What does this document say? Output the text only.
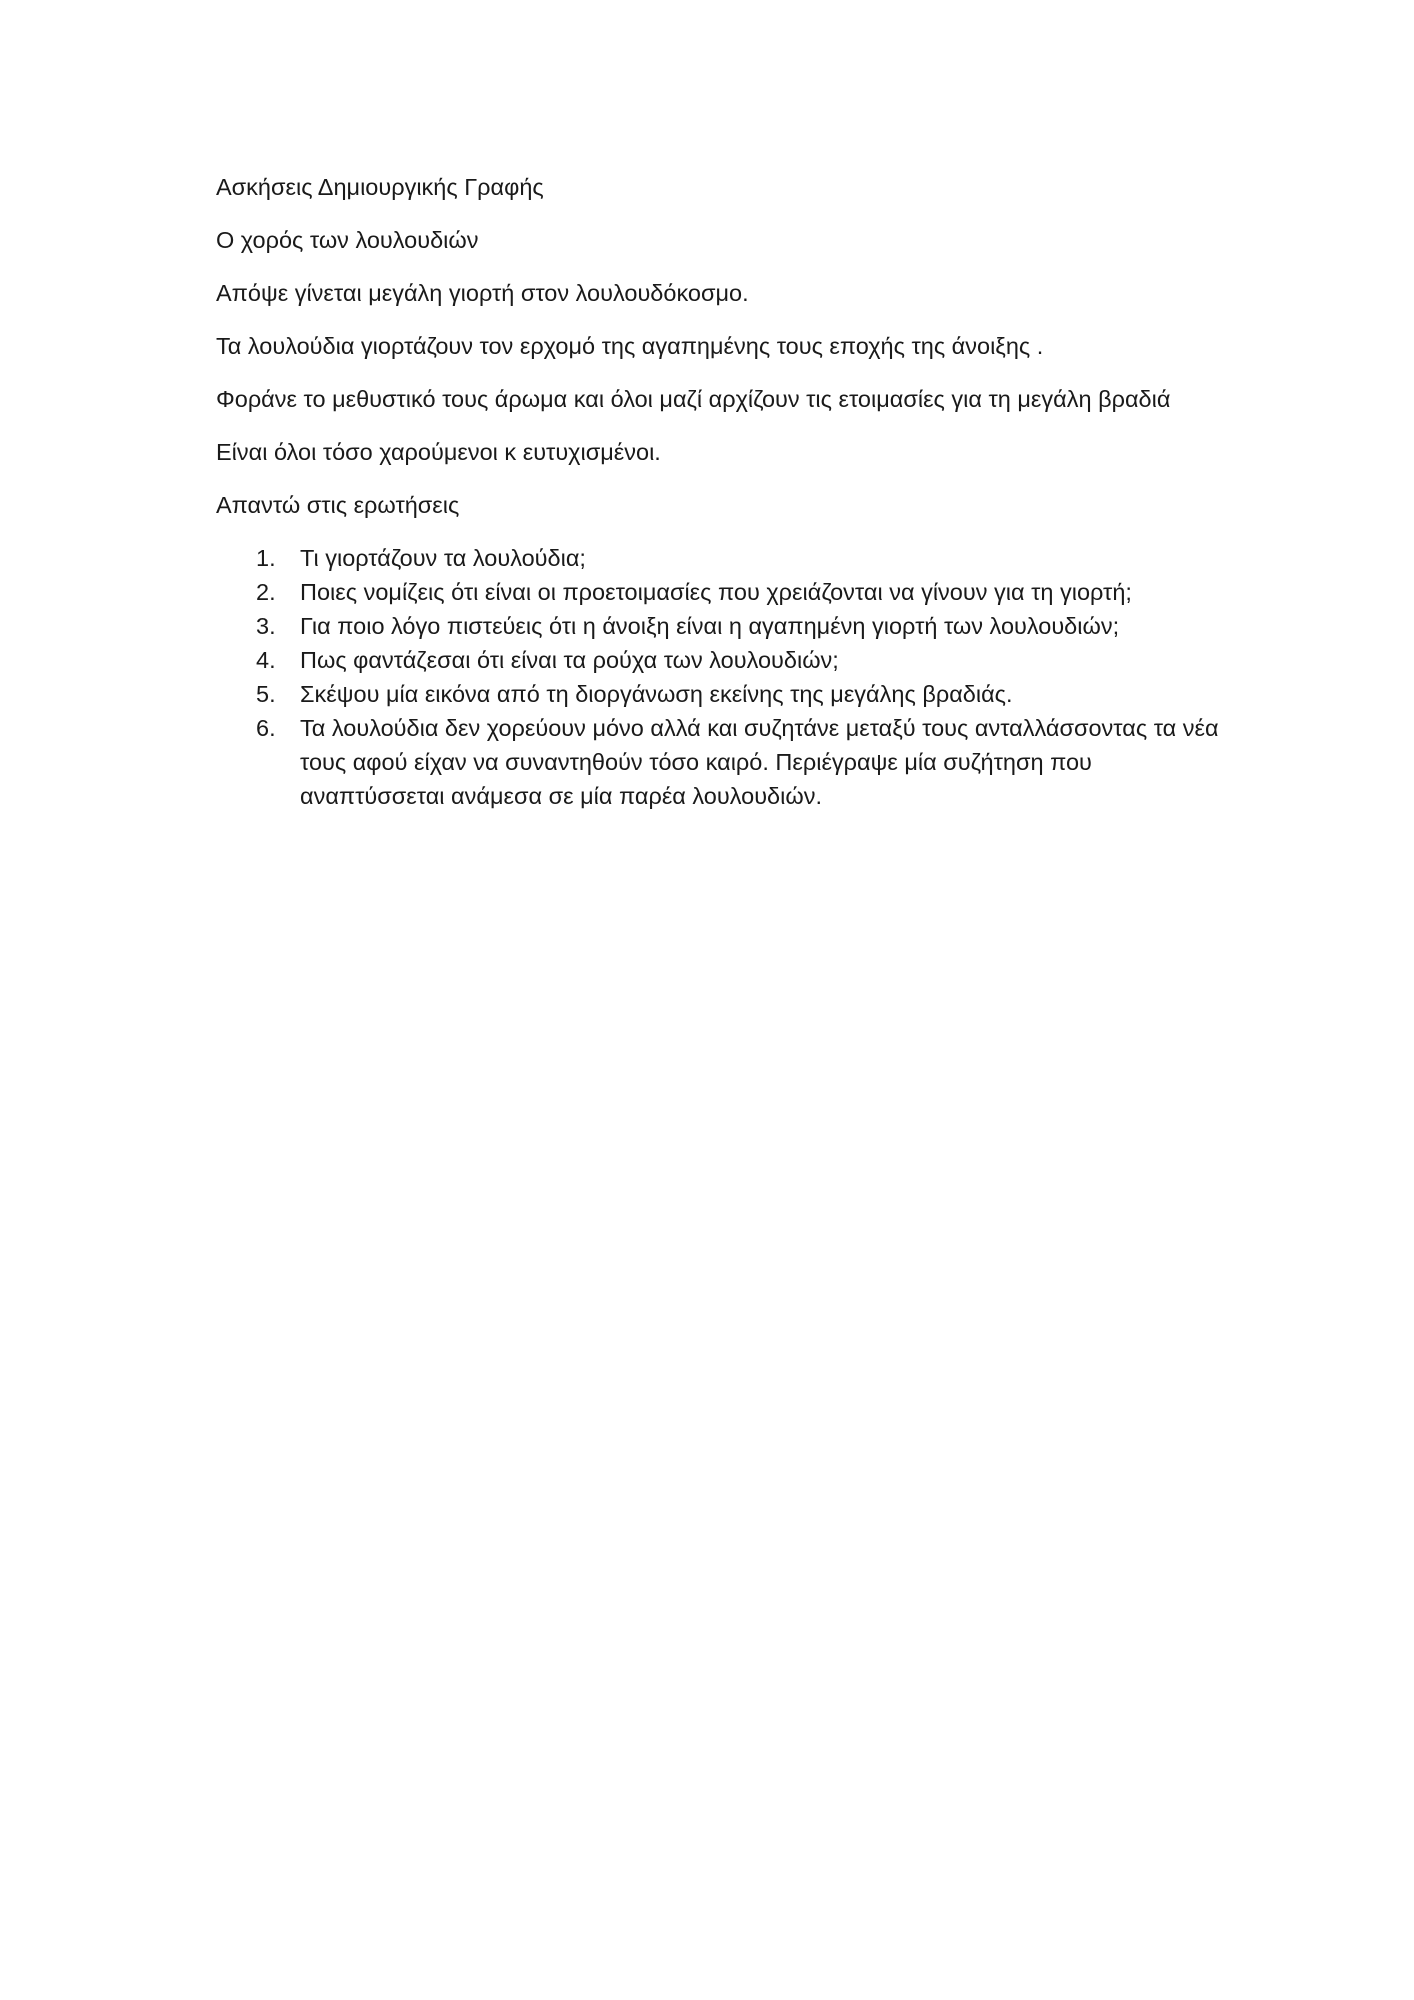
Ασκήσεις Δημιουργικής Γραφής

Ο χορός των λουλουδιών

Απόψε γίνεται μεγάλη γιορτή στον λουλουδόκοσμο.

Τα λουλούδια γιορτάζουν τον ερχομό της αγαπημένης τους εποχής της άνοιξης .

Φοράνε το μεθυστικό τους άρωμα και όλοι μαζί αρχίζουν τις ετοιμασίες για τη μεγάλη βραδιά

Είναι όλοι τόσο χαρούμενοι κ ευτυχισμένοι.

Απαντώ στις ερωτήσεις

1.	Τι γιορτάζουν τα λουλούδια;
2.	Ποιες νομίζεις ότι είναι οι προετοιμασίες που χρειάζονται να γίνουν για τη γιορτή;
3.	Για ποιο λόγο πιστεύεις ότι η άνοιξη είναι η αγαπημένη γιορτή των λουλουδιών;
4.	Πως φαντάζεσαι ότι είναι τα ρούχα των λουλουδιών;
5.	Σκέψου μία εικόνα από τη διοργάνωση εκείνης της μεγάλης βραδιάς.
6.	Τα λουλούδια δεν χορεύουν μόνο αλλά και συζητάνε μεταξύ τους ανταλλάσσοντας τα νέα τους αφού είχαν να συναντηθούν τόσο καιρό. Περιέγραψε μία συζήτηση που αναπτύσσεται ανάμεσα σε μία παρέα λουλουδιών.
